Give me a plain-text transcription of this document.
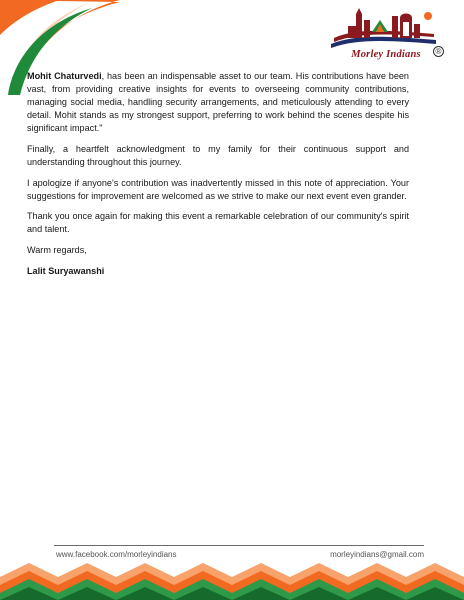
Morley Indians	®

Mohit Chaturvedi, has been an indispensable asset to our team. His contributions have been vast, from providing creative insights for events to overseeing community contributions, managing social media, handling security arrangements, and meticulously attending to every detail. Mohit stands as my strongest support, preferring to work behind the scenes despite his significant impact."

Finally, a heartfelt acknowledgment to my family for their continuous support and understanding throughout this journey.

I apologize if anyone's contribution was inadvertently missed in this note of appreciation. Your suggestions for improvement are welcomed as we strive to make our next event even grander.

Thank you once again for making this event a remarkable celebration of our community's spirit and talent.

Warm regards,

Lalit Suryawanshi

www.facebook.com/morleyindians	morleyindians@gmail.com
